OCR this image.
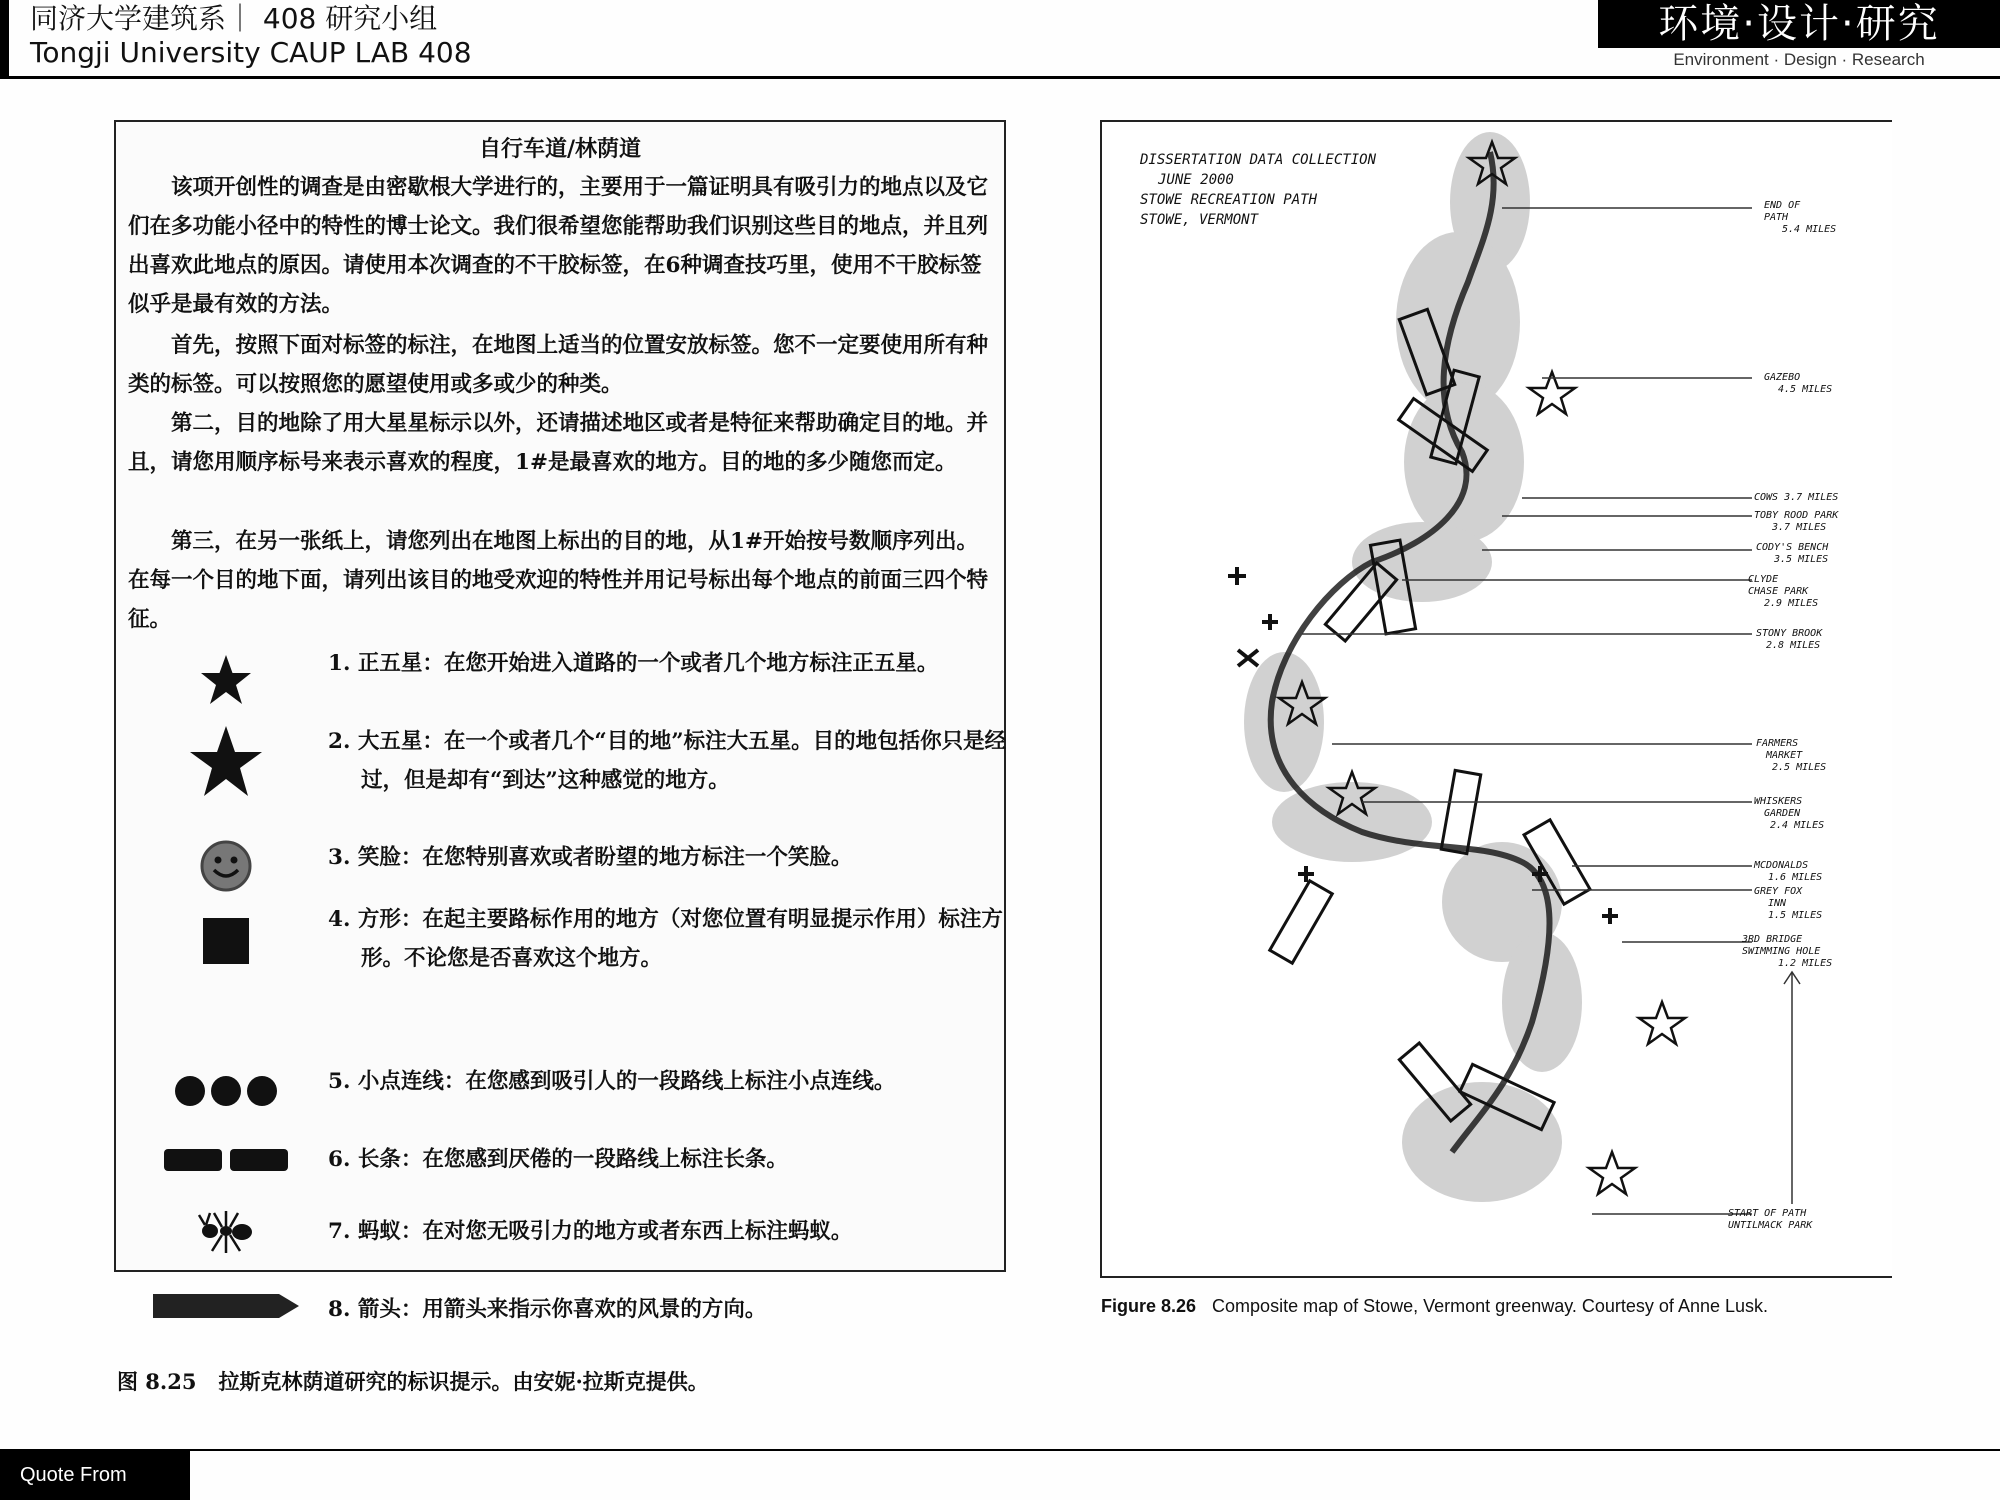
同济大学建筑系｜ 408 研究小组
Tongji University CAUP LAB 408
环境·设计·研究
Environment · Design · Research
自行车道/林荫道

该项开创性的调查是由密歇根大学进行的，主要用于一篇证明具有吸引力的地点以及它们在多功能小径中的特性的博士论文。我们很希望您能帮助我们识别这些目的地点，并且列出喜欢此地点的原因。请使用本次调查的不干胶标签，在6种调查技巧里，使用不干胶标签似乎是最有效的方法。

首先，按照下面对标签的标注，在地图上适当的位置安放标签。您不一定要使用所有种类的标签。可以按照您的愿望使用或多或少的种类。

第二，目的地除了用大星星标示以外，还请描述地区或者是特征来帮助确定目的地。并且，请您用顺序标号来表示喜欢的程度，1#是最喜欢的地方。目的地的多少随您而定。

第三，在另一张纸上，请您列出在地图上标出的目的地，从1#开始按号数顺序列出。在每一个目的地下面，请列出该目的地受欢迎的特性并用记号标出每个地点的前面三四个特征。

1. 正五星：在您开始进入道路的一个或者几个地方标注正五星。
2. 大五星：在一个或者几个“目的地”标注大五星。目的地包括你只是经过，但是却有“到达”这种感觉的地方。
3. 笑脸：在您特别喜欢或者盼望的地方标注一个笑脸。
4. 方形：在起主要路标作用的地方（对您位置有明显提示作用）标注方形。不论您是否喜欢这个地方。
5. 小点连线：在您感到吸引人的一段路线上标注小点连线。
6. 长条：在您感到厌倦的一段路线上标注长条。
7. 蚂蚁：在对您无吸引力的地方或者东西上标注蚂蚁。
8. 箭头：用箭头来指示你喜欢的风景的方向。
DISSERTATION DATA COLLECTION
JUNE 2000
STOWE RECREATION PATH
STOWE, VERMONT
END OF
PATH
5.4 MILES
GAZEBO
4.5 MILES
COWS 3.7 MILES
TOBY ROOD PARK
3.7 MILES
CODY'S BENCH
3.5 MILES
CLYDE
CHASE PARK
2.9 MILES
STONY BROOK
2.8 MILES
FARMERS
MARKET
2.5 MILES
WHISKERS
GARDEN
2.4 MILES
MCDONALDS
1.6 MILES
GREY FOX
INN
1.5 MILES
3RD BRIDGE
SWIMMING HOLE
1.2 MILES
START OF PATH
UNTILMACK PARK
Figure 8.26 Composite map of Stowe, Vermont greenway. Courtesy of Anne Lusk.
图 8.25 拉斯克林荫道研究的标识提示。由安妮·拉斯克提供。
Quote From
